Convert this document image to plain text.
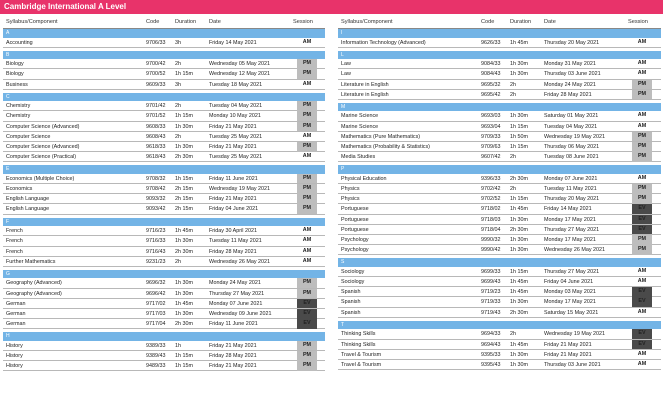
Cambridge International A Level
Syllabus/Component	Code	Duration Date	Session
A
Accounting	9706/33 3h	Friday 14 May 2021	AM
B
Biology	9700/42 2h	Wednesday 05 May 2021	PM
Biology	9700/52 1h 15m	Wednesday 12 May 2021	PM
Business	9609/33 3h	Tuesday 18 May 2021	AM
C
Chemistry	9701/42 2h	Tuesday 04 May 2021	PM
Chemistry	9701/52 1h 15m	Monday 10 May 2021	PM
Computer Science (Advanced)	9608/33 1h 30m	Friday 21 May 2021	PM
Computer Science	9608/43 2h	Tuesday 25 May 2021	AM
Computer Science (Advanced)	9618/33 1h 30m	Friday 21 May 2021	PM
Computer Science (Practical)	9618/43 2h 30m	Tuesday 25 May 2021	AM
E
Economics (Multiple Choice)	9708/32 1h 15m	Friday 11 June 2021	PM
Economics	9708/42 2h 15m	Wednesday 19 May 2021	PM
English Language	9093/32 2h 15m	Friday 21 May 2021	PM
English Language	9093/42 2h 15m	Friday 04 June 2021	PM
F
French	9716/23 1h 45m	Friday 30 April 2021	AM
French	9716/33 1h 30m	Tuesday 11 May 2021	AM
French	9716/43 2h 30m	Friday 28 May 2021	AM
Further Mathematics	9231/23 2h	Wednesday 26 May 2021	AM
G
Geography (Advanced)	9696/32 1h 30m	Monday 24 May 2021	PM
Geography (Advanced)	9696/42 1h 30m	Thursday 27 May 2021	PM
German	9717/02 1h 45m	Monday 07 June 2021	EV
German	9717/03 1h 30m	Wednesday 09 June 2021	EV
German	9717/04 2h 30m	Friday 11 June 2021	EV
H
History	9389/33 1h	Friday 21 May 2021	PM
History	9389/43 1h 15m	Friday 28 May 2021	PM
History	9489/33 1h 15m	Friday 21 May 2021	PM
Syllabus/Component	Code	Duration Date	Session
I
Information Technology (Advanced)	9626/33 1h 45m	Thursday 20 May 2021	AM
L
Law	9084/33 1h 30m	Monday 31 May 2021	AM
Law	9084/43 1h 30m	Thursday 03 June 2021	AM
Literature in English	9695/32 2h	Monday 24 May 2021	PM
Literature in English	9695/42 2h	Friday 28 May 2021	PM
M
Marine Science	9693/03 1h 30m	Saturday 01 May 2021	AM
Marine Science	9693/04 1h 15m	Tuesday 04 May 2021	AM
Mathematics (Pure Mathematics)	9709/33 1h 50m	Wednesday 19 May 2021	PM
Mathematics (Probability & Statistics)	9709/63 1h 15m	Thursday 06 May 2021	PM
Media Studies	9607/42 2h	Tuesday 08 June 2021	PM
P
Physical Education	9396/33 2h 30m	Monday 07 June 2021	AM
Physics	9702/42 2h	Tuesday 11 May 2021	PM
Physics	9702/52 1h 15m	Thursday 20 May 2021	PM
Portuguese	9718/02 1h 45m	Friday 14 May 2021	EV
Portuguese	9718/03 1h 30m	Monday 17 May 2021	EV
Portuguese	9718/04 2h 30m	Thursday 27 May 2021	EV
Psychology	9990/32 1h 30m	Monday 17 May 2021	PM
Psychology	9990/42 1h 30m	Wednesday 26 May 2021	PM
S
Sociology	9699/33 1h 15m	Thursday 27 May 2021	AM
Sociology	9699/43 1h 45m	Friday 04 June 2021	AM
Spanish	9719/23 1h 45m	Monday 03 May 2021	EV
Spanish	9719/33 1h 30m	Monday 17 May 2021	EV
Spanish	9719/43 2h 30m	Saturday 15 May 2021	AM
T
Thinking Skills	9694/33 2h	Wednesday 19 May 2021	EV
Thinking Skills	9694/43 1h 45m	Friday 21 May 2021	EV
Travel & Tourism	9395/33 1h 30m	Friday 21 May 2021	AM
Travel & Tourism	9395/43 1h 30m	Thursday 03 June 2021	AM
